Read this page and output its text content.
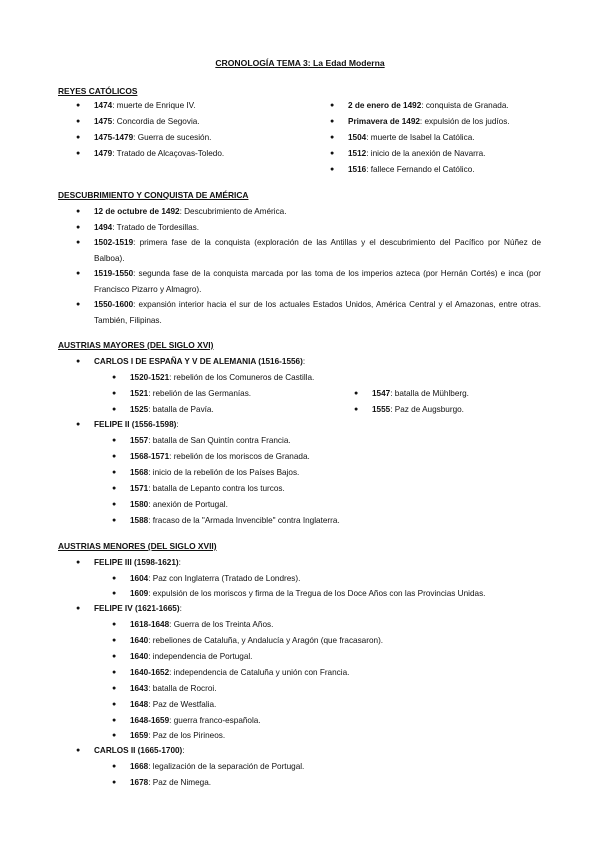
CRONOLOGÍA TEMA 3: La Edad Moderna
REYES CATÓLICOS
● 1474: muerte de Enrique IV.
● 1475: Concordia de Segovia.
● 1475-1479: Guerra de sucesión.
● 1479: Tratado de Alcaçovas-Toledo.
● 2 de enero de 1492: conquista de Granada.
● Primavera de 1492: expulsión de los judíos.
● 1504: muerte de Isabel la Católica.
● 1512: inicio de la anexión de Navarra.
● 1516: fallece Fernando el Católico.
DESCUBRIMIENTO Y CONQUISTA DE AMÉRICA
● 12 de octubre de 1492: Descubrimiento de América.
● 1494: Tratado de Tordesillas.
● 1502-1519: primera fase de la conquista (exploración de las Antillas y el descubrimiento del Pacífico por Núñez de Balboa).
● 1519-1550: segunda fase de la conquista marcada por las toma de los imperios azteca (por Hernán Cortés) e inca (por Francisco Pizarro y Almagro).
● 1550-1600: expansión interior hacia el sur de los actuales Estados Unidos, América Central y el Amazonas, entre otras. También, Filipinas.
AUSTRIAS MAYORES (DEL SIGLO XVI)
● CARLOS I DE ESPAÑA Y V DE ALEMANIA (1516-1556):
● 1520-1521: rebelión de los Comuneros de Castilla.
● 1521: rebelión de las Germanías.
● 1525: batalla de Pavía.
● 1547: batalla de Mühlberg.
● 1555: Paz de Augsburgo.
● FELIPE II (1556-1598):
● 1557: batalla de San Quintín contra Francia.
● 1568-1571: rebelión de los moriscos de Granada.
● 1568: inicio de la rebelión de los Países Bajos.
● 1571: batalla de Lepanto contra los turcos.
● 1580: anexión de Portugal.
● 1588: fracaso de la "Armada Invencible" contra Inglaterra.
AUSTRIAS MENORES (DEL SIGLO XVII)
● FELIPE III (1598-1621):
● 1604: Paz con Inglaterra (Tratado de Londres).
● 1609: expulsión de los moriscos y firma de la Tregua de los Doce Años con las Provincias Unidas.
● FELIPE IV (1621-1665):
● 1618-1648: Guerra de los Treinta Años.
● 1640: rebeliones de Cataluña, y Andalucía y Aragón (que fracasaron).
● 1640: independencia de Portugal.
● 1640-1652: independencia de Cataluña y unión con Francia.
● 1643: batalla de Rocroi.
● 1648: Paz de Westfalia.
● 1648-1659: guerra franco-española.
● 1659: Paz de los Pirineos.
● CARLOS II (1665-1700):
● 1668: legalización de la separación de Portugal.
● 1678: Paz de Nimega.
